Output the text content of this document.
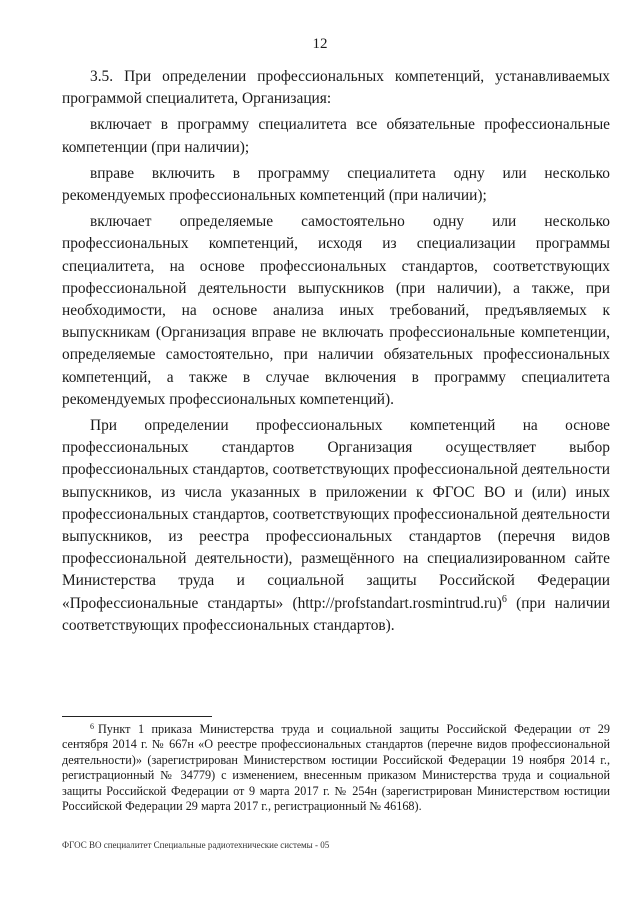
12

3.5. При определении профессиональных компетенций, устанавливаемых программой специалитета, Организация:

включает в программу специалитета все обязательные профессиональные компетенции (при наличии);

вправе включить в программу специалитета одну или несколько рекомендуемых профессиональных компетенций (при наличии);

включает определяемые самостоятельно одну или несколько профессиональных компетенций, исходя из специализации программы специалитета, на основе профессиональных стандартов, соответствующих профессиональной деятельности выпускников (при наличии), а также, при необходимости, на основе анализа иных требований, предъявляемых к выпускникам (Организация вправе не включать профессиональные компетенции, определяемые самостоятельно, при наличии обязательных профессиональных компетенций, а также в случае включения в программу специалитета рекомендуемых профессиональных компетенций).

При определении профессиональных компетенций на основе профессиональных стандартов Организация осуществляет выбор профессиональных стандартов, соответствующих профессиональной деятельности выпускников, из числа указанных в приложении к ФГОС ВО и (или) иных профессиональных стандартов, соответствующих профессиональной деятельности выпускников, из реестра профессиональных стандартов (перечня видов профессиональной деятельности), размещённого на специализированном сайте Министерства труда и социальной защиты Российской Федерации «Профессиональные стандарты» (http://profstandart.rosmintrud.ru)$^6$ (при наличии соответствующих профессиональных стандартов).

$^6$ Пункт 1 приказа Министерства труда и социальной защиты Российской Федерации от 29 сентября 2014 г. № 667н «О реестре профессиональных стандартов (перечне видов профессиональной деятельности)» (зарегистрирован Министерством юстиции Российской Федерации 19 ноября 2014 г., регистрационный № 34779) с изменением, внесенным приказом Министерства труда и социальной защиты Российской Федерации от 9 марта 2017 г. № 254н (зарегистрирован Министерством юстиции Российской Федерации 29 марта 2017 г., регистрационный № 46168).

ФГОС ВО специалитет Специальные радиотехнические системы - 05
